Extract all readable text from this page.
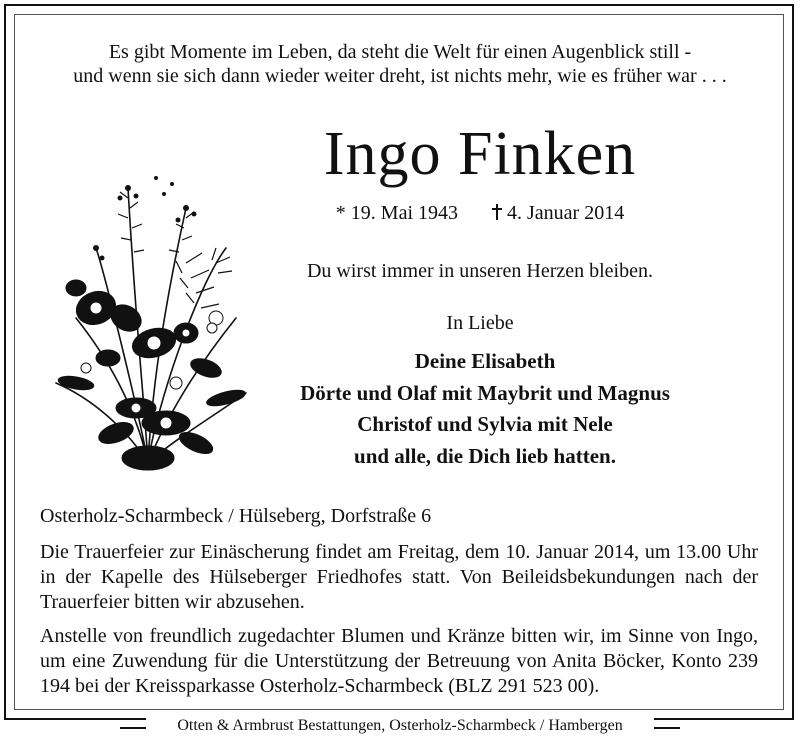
Es gibt Momente im Leben, da steht die Welt für einen Augenblick still -
und wenn sie sich dann wieder weiter dreht, ist nichts mehr, wie es früher war . . .
Ingo Finken
* 19. Mai 1943 4. Januar 2014
Du wirst immer in unseren Herzen bleiben.
In Liebe
Deine Elisabeth
Dörte und Olaf mit Maybrit und Magnus
Christof und Sylvia mit Nele
und alle, die Dich lieb hatten.
Osterholz-Scharmbeck / Hülseberg, Dorfstraße 6
Die Trauerfeier zur Einäscherung findet am Freitag, dem 10. Januar 2014, um 13.00 Uhr in der Kapelle des Hülseberger Friedhofes statt. Von Beileidsbekundungen nach der Trauerfeier bitten wir abzusehen.
Anstelle von freundlich zugedachter Blumen und Kränze bitten wir, im Sinne von Ingo, um eine Zuwendung für die Unterstützung der Betreuung von Anita Böcker, Konto 239 194 bei der Kreissparkasse Osterholz-Scharmbeck (BLZ 291 523 00).
Otten & Armbrust Bestattungen, Osterholz-Scharmbeck / Hambergen
